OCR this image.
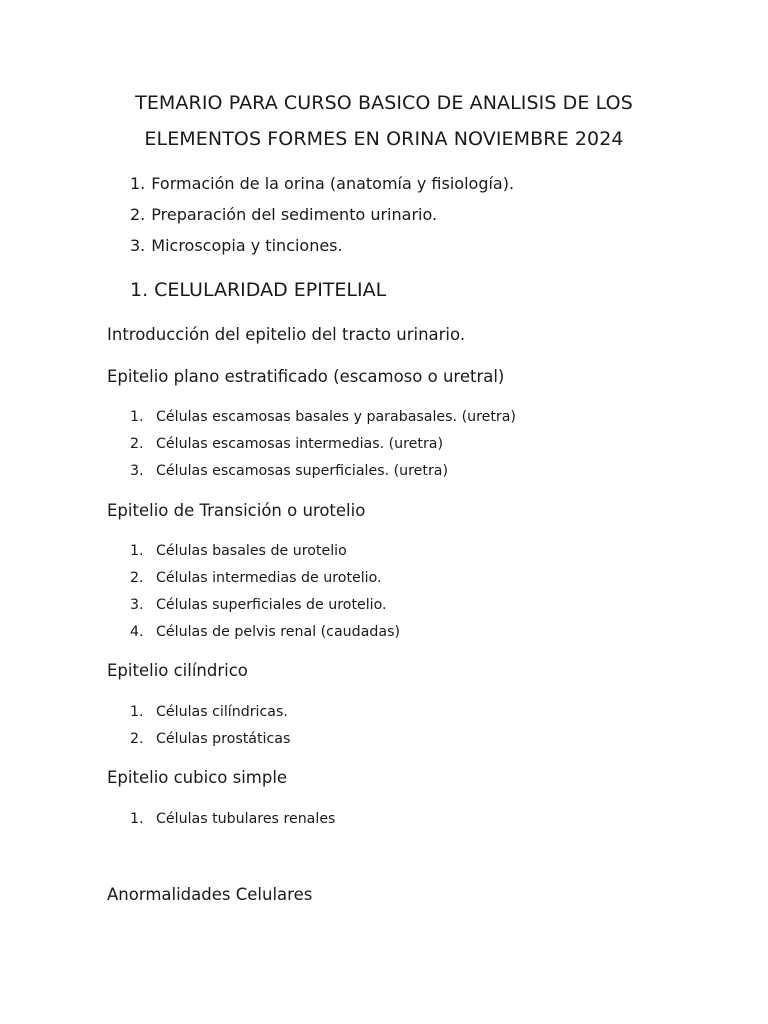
TEMARIO PARA CURSO BASICO DE ANALISIS DE LOS
ELEMENTOS FORMES EN ORINA NOVIEMBRE 2024
1. Formación de la orina (anatomía y fisiología).
2. Preparación del sedimento urinario.
3. Microscopia y tinciones.
1. CELULARIDAD EPITELIAL
Introducción del epitelio del tracto urinario.
Epitelio plano estratificado (escamoso o uretral)
1. Células escamosas basales y parabasales. (uretra)
2. Células escamosas intermedias. (uretra)
3. Células escamosas superficiales. (uretra)
Epitelio de Transición o urotelio
1. Células basales de urotelio
2. Células intermedias de urotelio.
3. Células superficiales de urotelio.
4. Células de pelvis renal (caudadas)
Epitelio cilíndrico
1. Células cilíndricas.
2. Células prostáticas
Epitelio cubico simple
1. Células tubulares renales
Anormalidades Celulares
